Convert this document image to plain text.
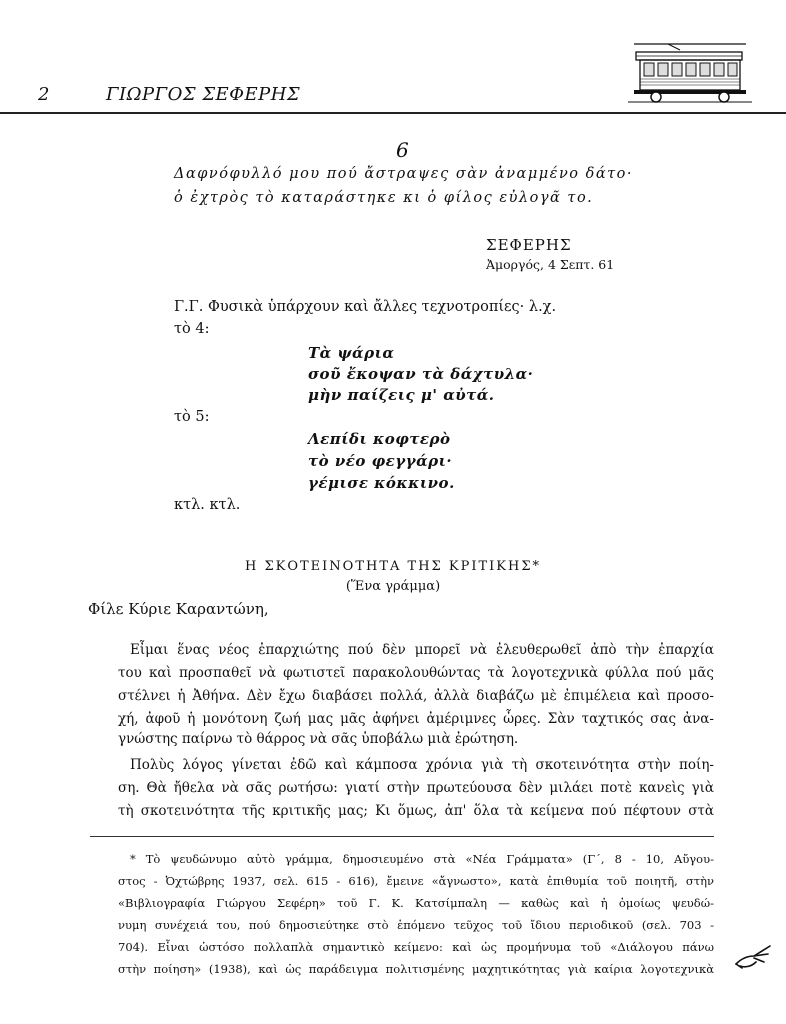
2	ΓΙΩΡΓΟΣ ΣΕΦΕΡΗΣ
6
Δαφνόφυλλό μου πού ἄστραψες σὰν ἀναμμένο δάτο·
ὁ ἐχτρὸς τὸ καταράστηκε κι ὁ φίλος εὐλογᾶ το.
ΣΕΦΕΡΗΣ
Ἀμοργός, 4 Σεπτ. 61
Γ.Γ. Φυσικὰ ὑπάρχουν καὶ ἄλλες τεχνοτροπίες· λ.χ.
τὸ 4:
Τὰ ψάρια
σοῦ ἔκοψαν τὰ δάχτυλα·
μὴν παίζεις μ' αὐτά.
τὸ 5:
Λεπίδι κοφτερὸ
τὸ νέο φεγγάρι·
γέμισε κόκκινο.
κτλ. κτλ.
Η ΣΚΟΤΕΙΝΟΤΗΤΑ ΤΗΣ ΚΡΙΤΙΚΗΣ*
(Ἕνα γράμμα)
Φίλε Κύριε Καραντώνη,
Εἶμαι ἕνας νέος ἐπαρχιώτης πού δὲν μπορεῖ νὰ ἐλευθερωθεῖ ἀπὸ τὴν ἐπαρχία
του καὶ προσπαθεῖ νὰ φωτιστεῖ παρακολουθώντας τὰ λογοτεχνικὰ φύλλα πού μᾶς
στέλνει ἡ Ἀθήνα. Δὲν ἔχω διαβάσει πολλά, ἀλλὰ διαβάζω μὲ ἐπιμέλεια καὶ προσο-
χή, ἀφοῦ ἡ μονότονη ζωή μας μᾶς ἀφήνει ἀμέριμνες ὧρες. Σὰν ταχτικός σας ἀνα-
γνώστης παίρνω τὸ θάρρος νὰ σᾶς ὑποβάλω μιὰ ἐρώτηση.
Πολὺς λόγος γίνεται ἐδῶ καὶ κάμποσα χρόνια γιὰ τὴ σκοτεινότητα στὴν ποίη-
ση. Θὰ ἤθελα νὰ σᾶς ρωτήσω: γιατί στὴν πρωτεύουσα δὲν μιλάει ποτὲ κανεὶς γιὰ
τὴ σκοτεινότητα τῆς κριτικῆς μας; Κι ὅμως, ἀπ' ὅλα τὰ κείμενα πού πέφτουν στὰ

* Τὸ ψευδώνυμο αὐτὸ γράμμα, δημοσιευμένο στὰ «Νέα Γράμματα» (Γ΄, 8 - 10, Αὔγου-

στος - Ὀχτώβρης 1937, σελ. 615 - 616), ἔμεινε «ἄγνωστο», κατὰ ἐπιθυμία τοῦ ποιητῆ, στὴν

«Βιβλιογραφία Γιώργου Σεφέρη» τοῦ Γ. Κ. Κατσίμπαλη — καθὼς καὶ ἡ ὁμοίως ψευδώ-

νυμη συνέχειά του, πού δημοσιεύτηκε στὸ ἑπόμενο τεῦχος τοῦ ἴδιου περιοδικοῦ (σελ. 703 -

704). Εἶναι ὡστόσο πολλαπλὰ σημαντικὸ κείμενο: καὶ ὡς προμήνυμα τοῦ «Διάλογου πάνω

στὴν ποίηση» (1938), καὶ ὡς παράδειγμα πολιτισμένης μαχητικότητας γιὰ καίρια λογοτεχνικὰ
